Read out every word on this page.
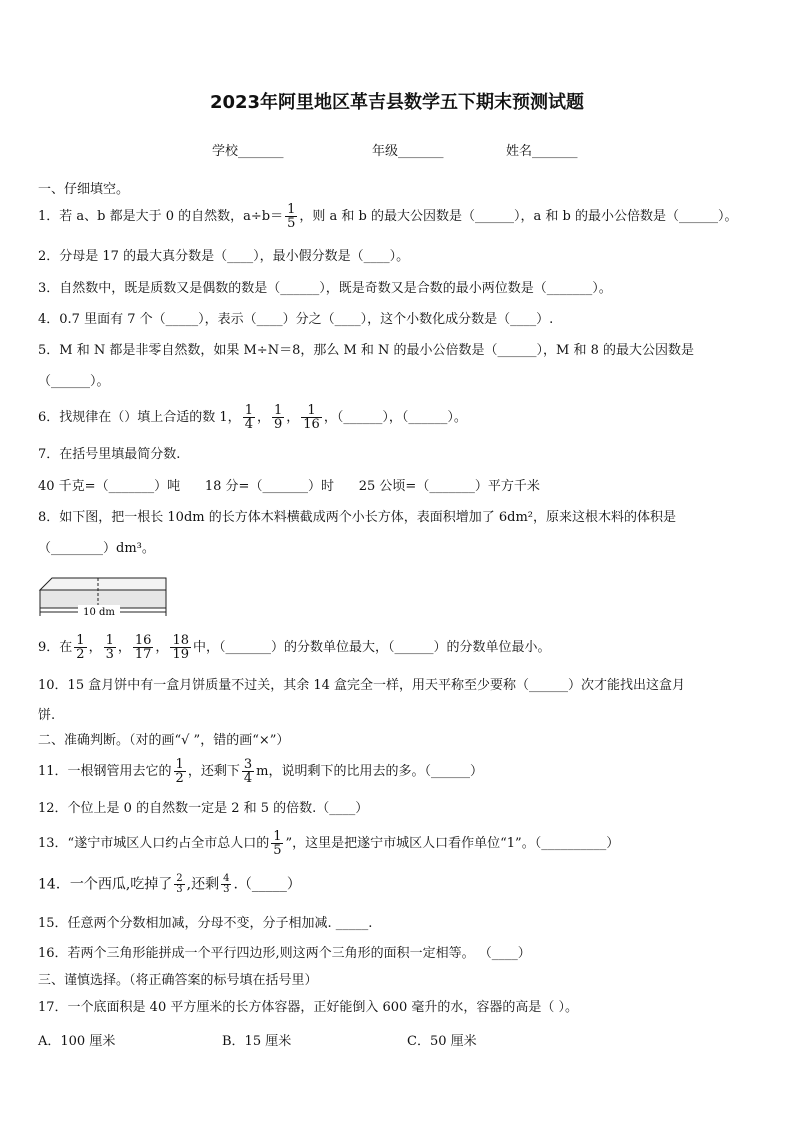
2023年阿里地区革吉县数学五下期末预测试题
学校_______	年级_______	姓名_______
一、仔细填空。
1．若 a、b 都是大于 0 的自然数，$a\div b= \frac{1}{5}$ ，则 a 和 b 的最大公因数是（______），a 和 b 的最小公倍数是（______）。
2．分母是 17 的最大真分数是（____），最小假分数是（____）。
3．自然数中，既是质数又是偶数的数是（______），既是奇数又是合数的最小两位数是（_______）。
4．0.7 里面有 7 个（_____），表示（____）分之（____），这个小数化成分数是（____）.
5．M 和 N 都是非零自然数，如果 M÷N＝8，那么 M 和 N 的最小公倍数是（______），M 和 8 的最大公因数是
（______）。
6．找规律在（）填上合适的数 1， $\frac{1}{4}$ ， $\frac{1}{9}$ ， $\frac{1}{16}$ ，（______），（______）。
7．在括号里填最简分数.
40 千克=（_______）吨 18 分=（_______）时 25 公顷=（_______）平方千米
8．如下图，把一根长 10dm 的长方体木料横截成两个小长方体，表面积增加了 6dm²，原来这根木料的体积是
（________）dm³。
10 dm
9．在 $\frac{1}{2}$ ， $\frac{1}{3}$ ， $\frac{16}{17}$ ， $\frac{18}{19}$ 中，（_______）的分数单位最大，（______）的分数单位最小。
10．15 盒月饼中有一盒月饼质量不过关，其余 14 盒完全一样，用天平称至少要称（______）次才能找出这盒月
饼.
二、准确判断。（对的画“√ ”，错的画“×”）
11．一根钢管用去它的 $\frac{1}{2}$ ，还剩下 $\frac{3}{4}$ m，说明剩下的比用去的多。（______）
12．个位上是 0 的自然数一定是 2 和 5 的倍数.（____）
13．“遂宁市城区人口约占全市总人口的 $\frac{1}{5}$ ”，这里是把遂宁市城区人口看作单位“1”。（__________）
14．一个西瓜,吃掉了 $\frac{2}{3}$ ,还剩 $\frac{4}{3}$ .（_____）
15．任意两个分数相加减，分母不变，分子相加减. _____.
16．若两个三角形能拼成一个平行四边形,则这两个三角形的面积一定相等。 （____）
三、谨慎选择。（将正确答案的标号填在括号里）
17．一个底面积是 40 平方厘米的长方体容器，正好能倒入 600 毫升的水，容器的高是（ ）。
A．100 厘米	B．15 厘米	C．50 厘米
